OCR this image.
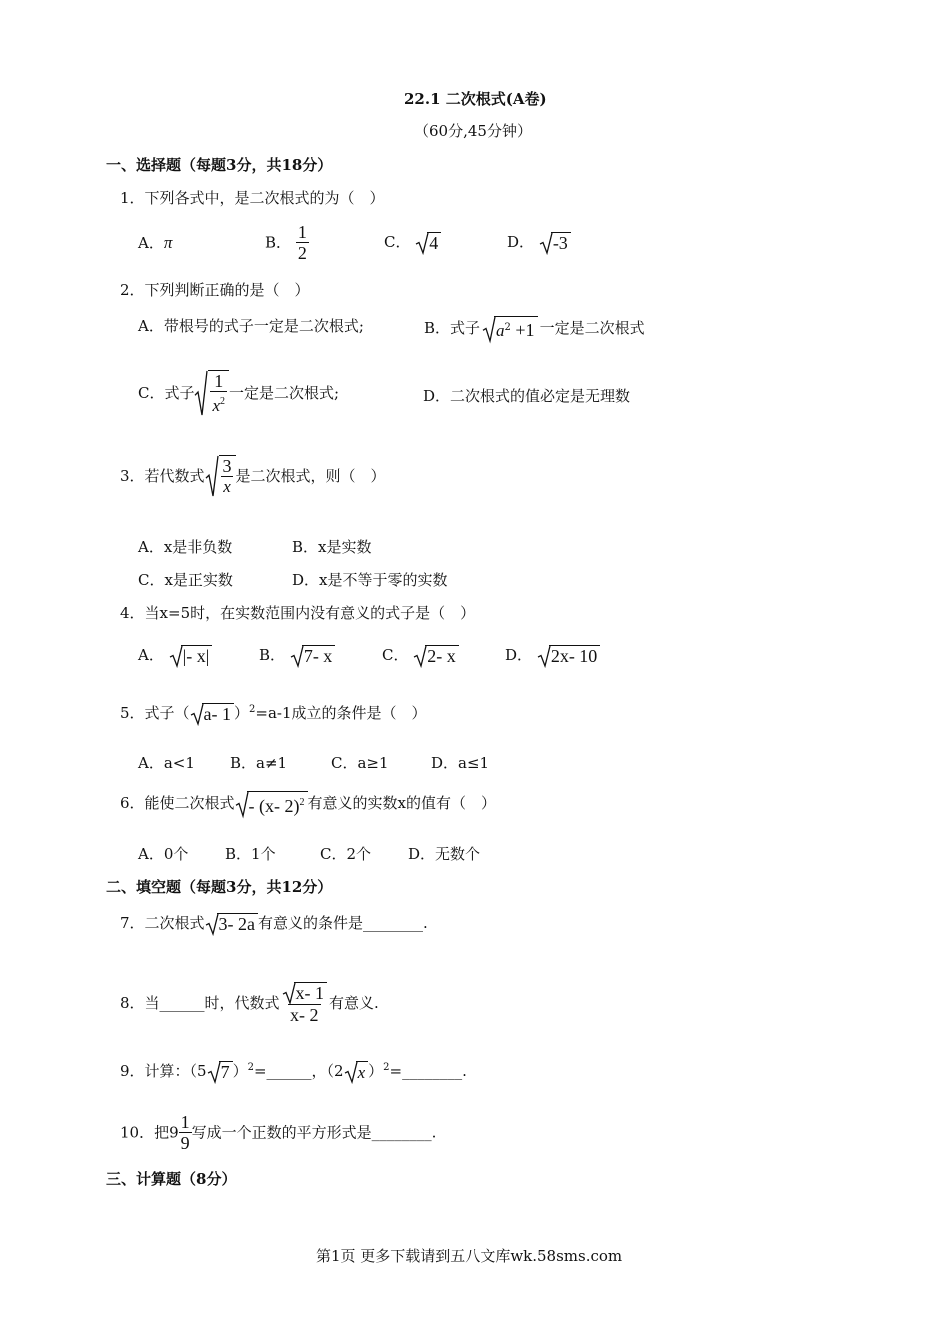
22.1 二次根式(A卷)
（60分,45分钟）
一、选择题（每题3分，共18分）
1．下列各式中，是二次根式的为（　）
A．π	B． $\frac{1}{2}$	C． 4	D． -3
2．下列判断正确的是（　）
A．带根号的式子一定是二次根式;	B．式子 $a^2 +1$ 一定是二次根式
C．式子 $\frac{1}{x^2}$ 一定是二次根式;	D．二次根式的值必定是无理数
3．若代数式 $\frac{3}{x}$ 是二次根式，则（　）
A．x是非负数	B．x是实数
C．x是正实数	D．x是不等于零的实数
4．当x=5时，在实数范围内没有意义的式子是（　）
A． |- x|	B． 7- x	C． 2- x	D． 2x- 10
5．式子（ a- 1 ）$^2$=a-1成立的条件是（　）
A．a<1 B．a≠1	C．a≥1	D．a≤1
6．能使二次根式 - (x- 2)$^2$ 有意义的实数x的值有（　）
A．0个 B．1个	C．2个 D．无数个
二、填空题（每题3分，共12分）
7．二次根式 3- 2a 有意义的条件是________.
8．当______时，代数式 $\frac{x- 1}{x- 2}$ 有意义.
9．计算：（5 7 ）$^2$=______，（2 x ）$^2$=________.
10．把$9 \frac{1}{9}$ 写成一个正数的平方形式是________.
三、计算题（8分）
第1页 更多下载请到五八文库wk.58sms.com
